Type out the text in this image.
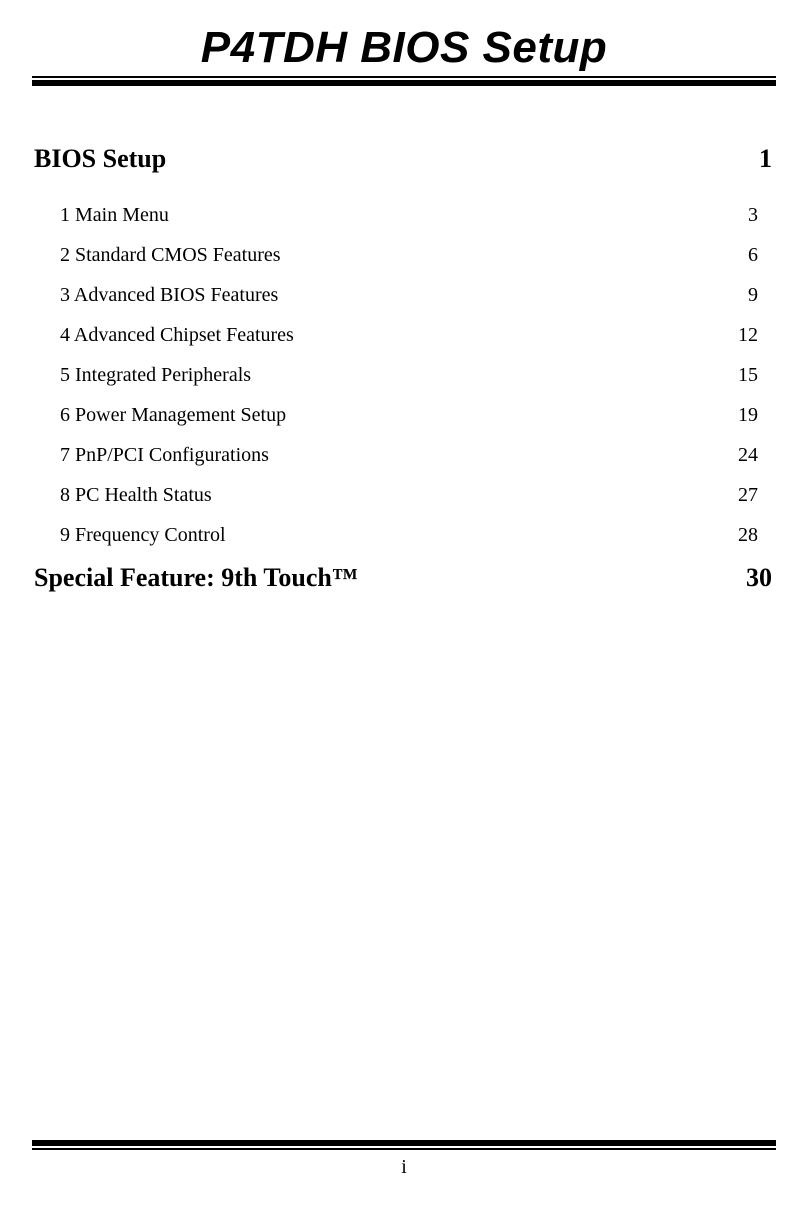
P4TDH BIOS Setup
BIOS Setup	1
1 Main Menu	3
2 Standard CMOS Features	6
3 Advanced BIOS Features	9
4 Advanced Chipset Features	12
5 Integrated Peripherals	15
6 Power Management Setup	19
7 PnP/PCI Configurations	24
8 PC Health Status	27
9 Frequency Control	28
Special Feature: 9th Touch™	30
i
